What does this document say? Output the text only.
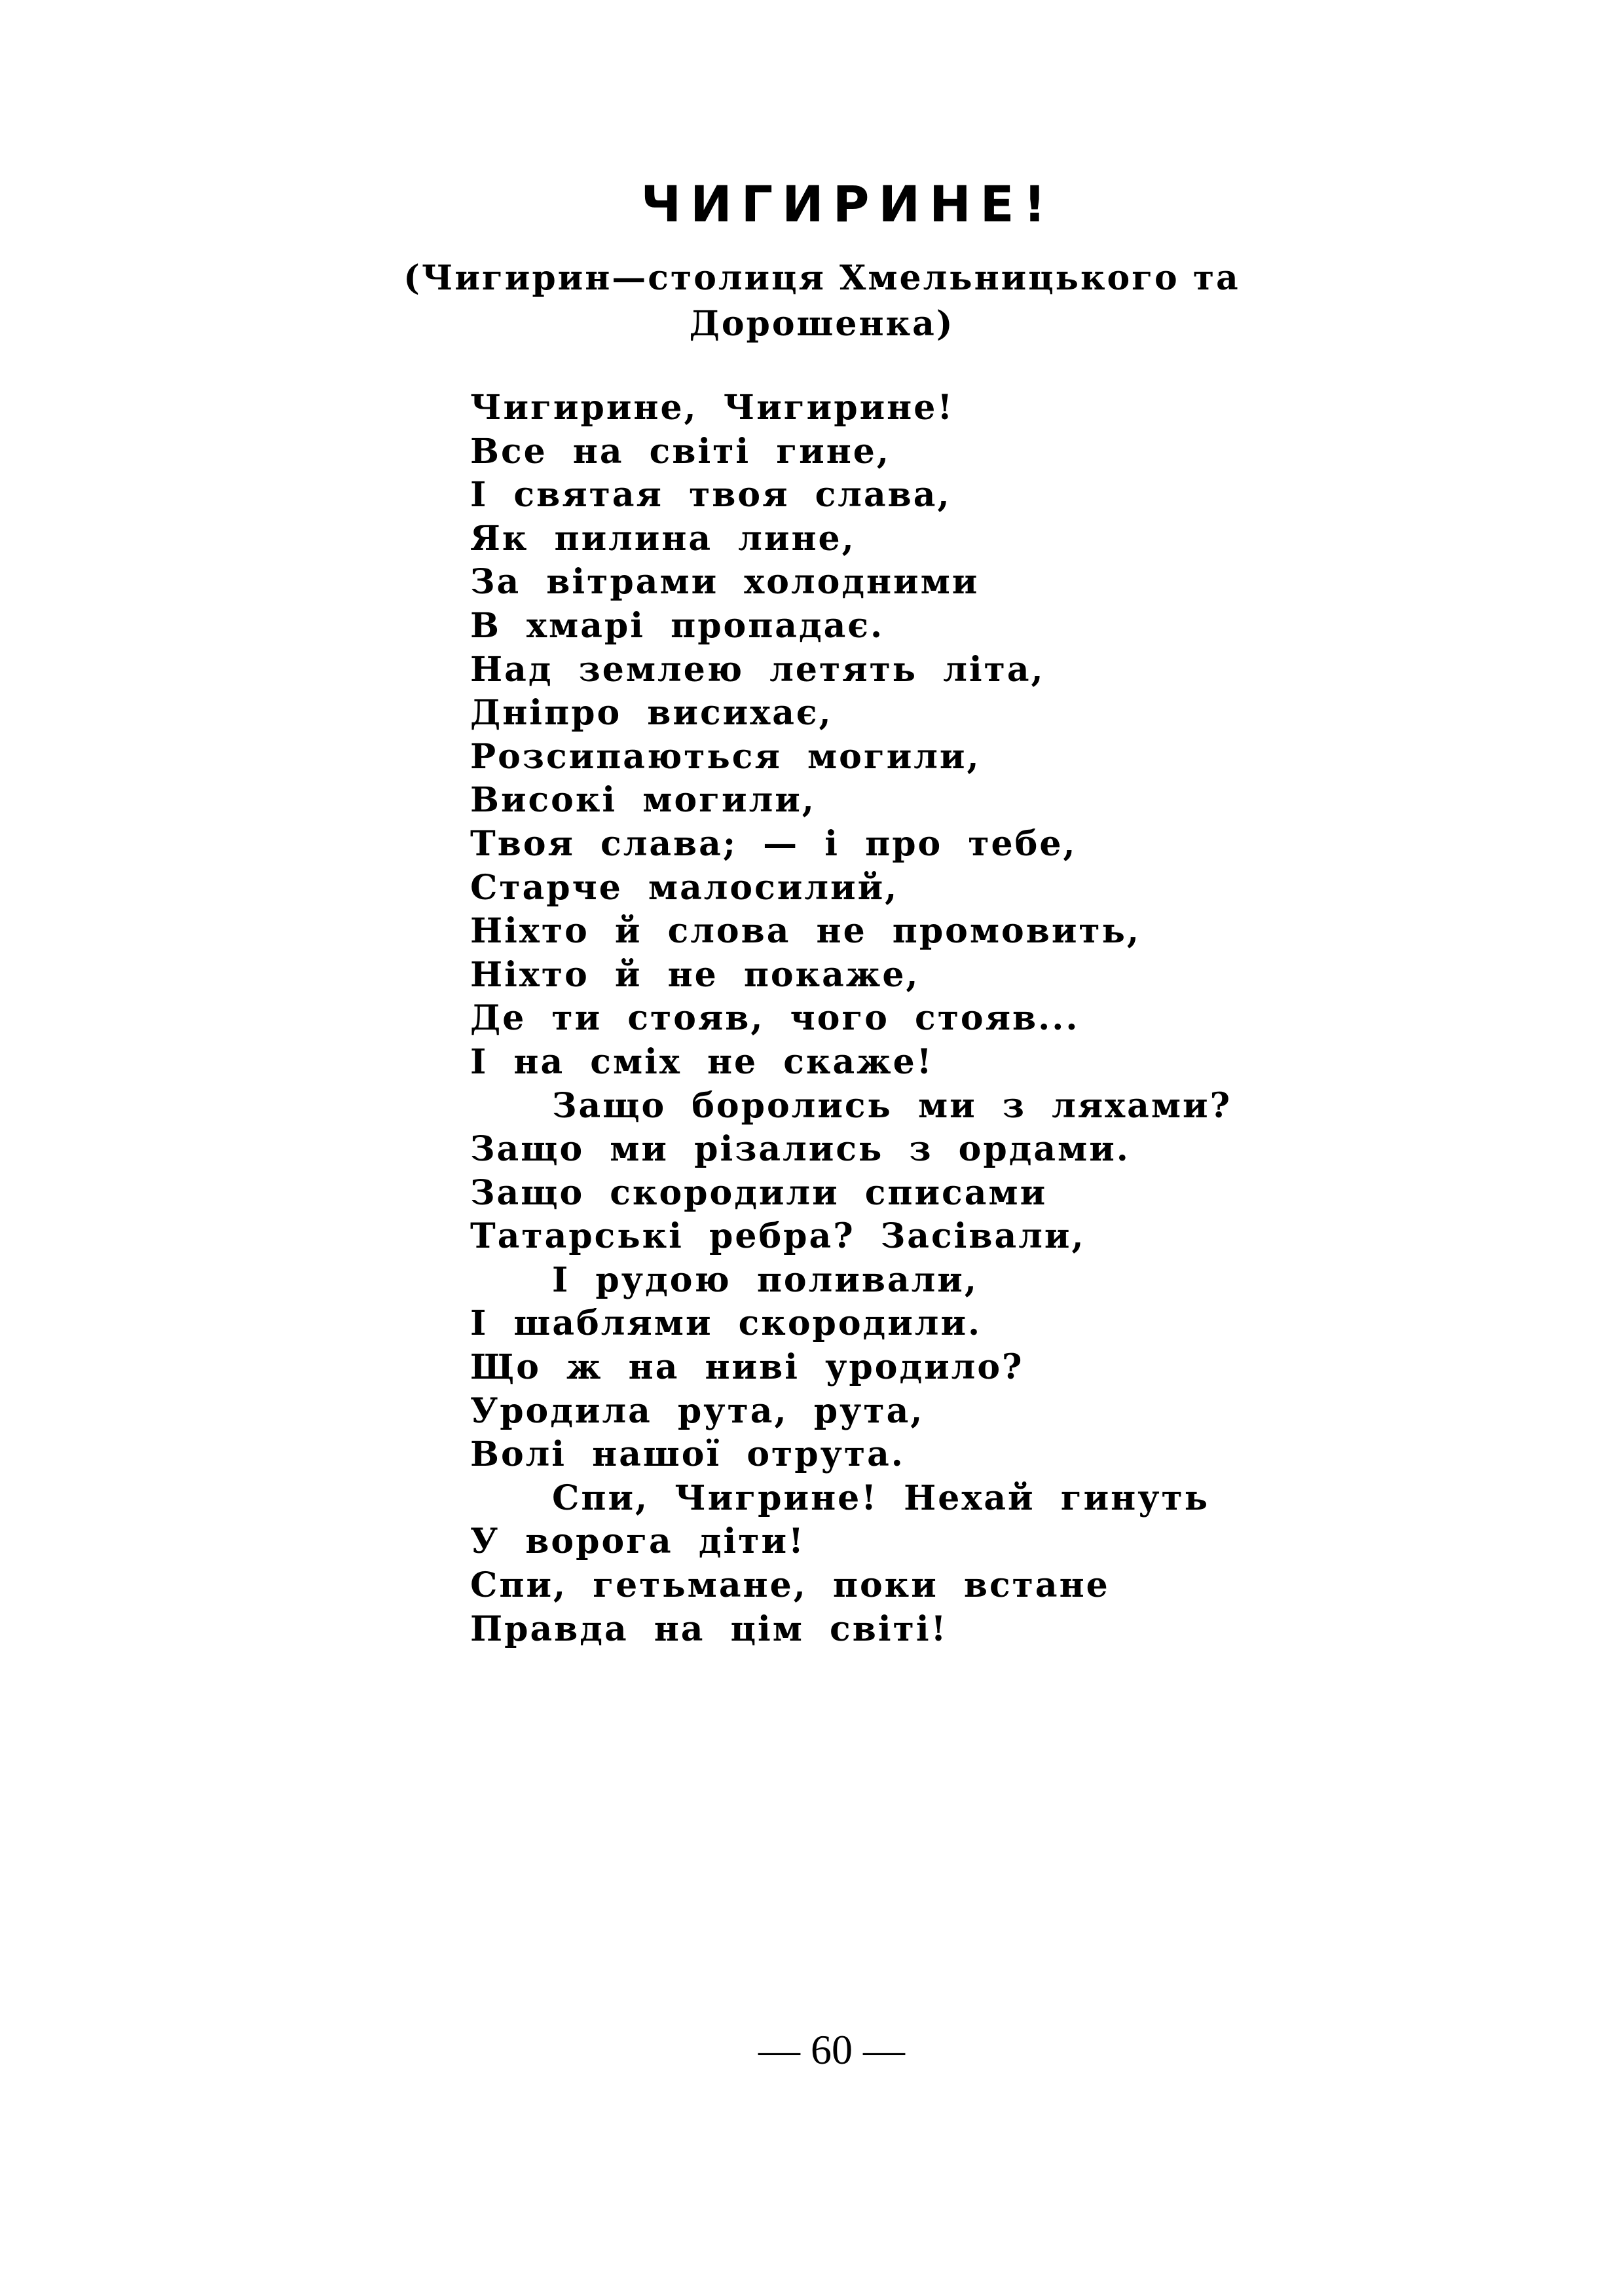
ЧИГИРИНЕ!
(Чигирин—столиця Хмельницького та
Дорошенка)
Чигирине, Чигирине!
Все на світі гине,
І святая твоя слава,
Як пилина лине,
За вітрами холодними
В хмарі пропадає.
Над землею летять літа,
Дніпро висихає,
Розсипаються могили,
Високі могили,
Твоя слава; — і про тебе,
Старче малосилий,
Ніхто й слова не промовить,
Ніхто й не покаже,
Де ти стояв, чого стояв...
І на сміх не скаже!
Защо боролись ми з ляхами?
Защо ми різались з ордами.
Защо скородили списами
Татарські ребра? Засівали,
І рудою поливали,
І шаблями скородили.
Що ж на ниві уродило?
Уродила рута, рута,
Волі нашої отрута.
Спи, Чигрине! Нехай гинуть
У ворога діти!
Спи, гетьмане, поки встане
Правда на цім світі!
— 60 —
